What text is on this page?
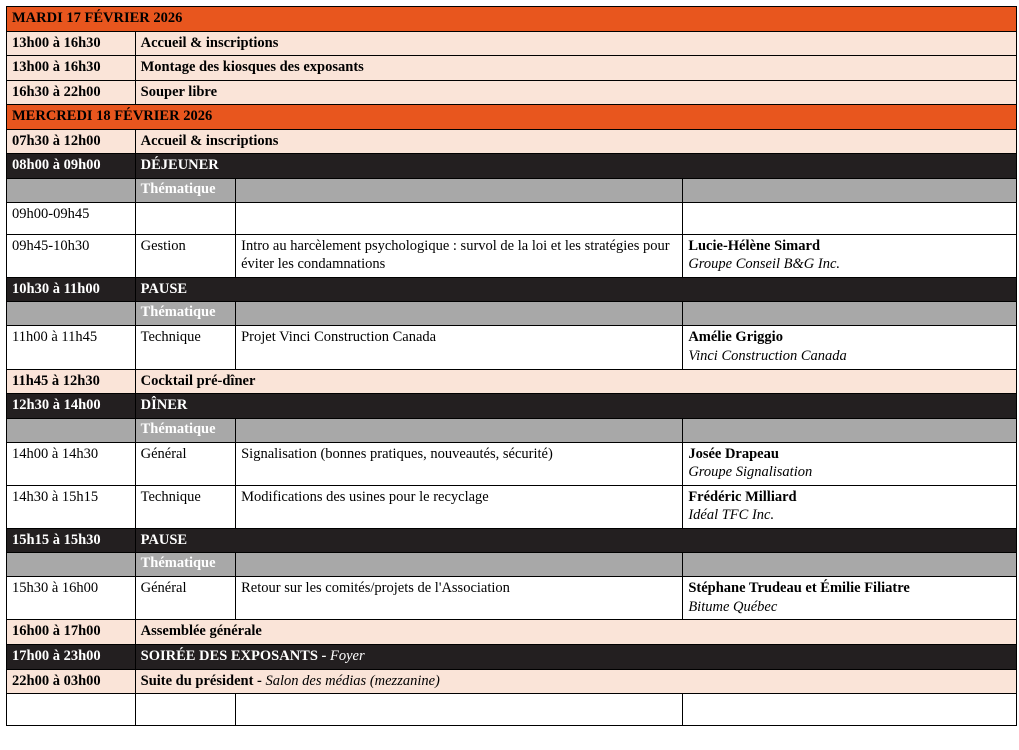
MARDI 17 FÉVRIER 2026			
13h00 à 16h30	Accueil & inscriptions		
13h00 à 16h30	Montage des kiosques des exposants		
16h30 à 22h00	Souper libre		
MERCREDI 18 FÉVRIER 2026			
07h30 à 12h00	Accueil & inscriptions		
08h00 à 09h00	DÉJEUNER		
	Thématique		
09h00-09h45			

09h45-10h30	Gestion	Intro au harcèlement psychologique : survol de la loi et les stratégies pour éviter les condamnations	Lucie-Hélène Simard
Groupe Conseil B&G Inc.

10h30 à 11h00	PAUSE		
	Thématique		
11h00 à 11h45	Technique	Projet Vinci Construction Canada	Amélie Griggio
Vinci Construction Canada

11h45 à 12h30	Cocktail pré-dîner		
12h30 à 14h00	DÎNER		
	Thématique		
14h00 à 14h30	Général	Signalisation (bonnes pratiques, nouveautés, sécurité)	Josée Drapeau
Groupe Signalisation

14h30 à 15h15	Technique	Modifications des usines pour le recyclage	Frédéric Milliard
Idéal TFC Inc.

15h15 à 15h30	PAUSE		
	Thématique		
15h30 à 16h00	Général	Retour sur les comités/projets de l'Association	Stéphane Trudeau et Émilie Filiatre
Bitume Québec

16h00 à 17h00	Assemblée générale		
17h00 à 23h00	SOIRÉE DES EXPOSANTS - Foyer		
22h00 à 03h00	Suite du président - Salon des médias (mezzanine)		
